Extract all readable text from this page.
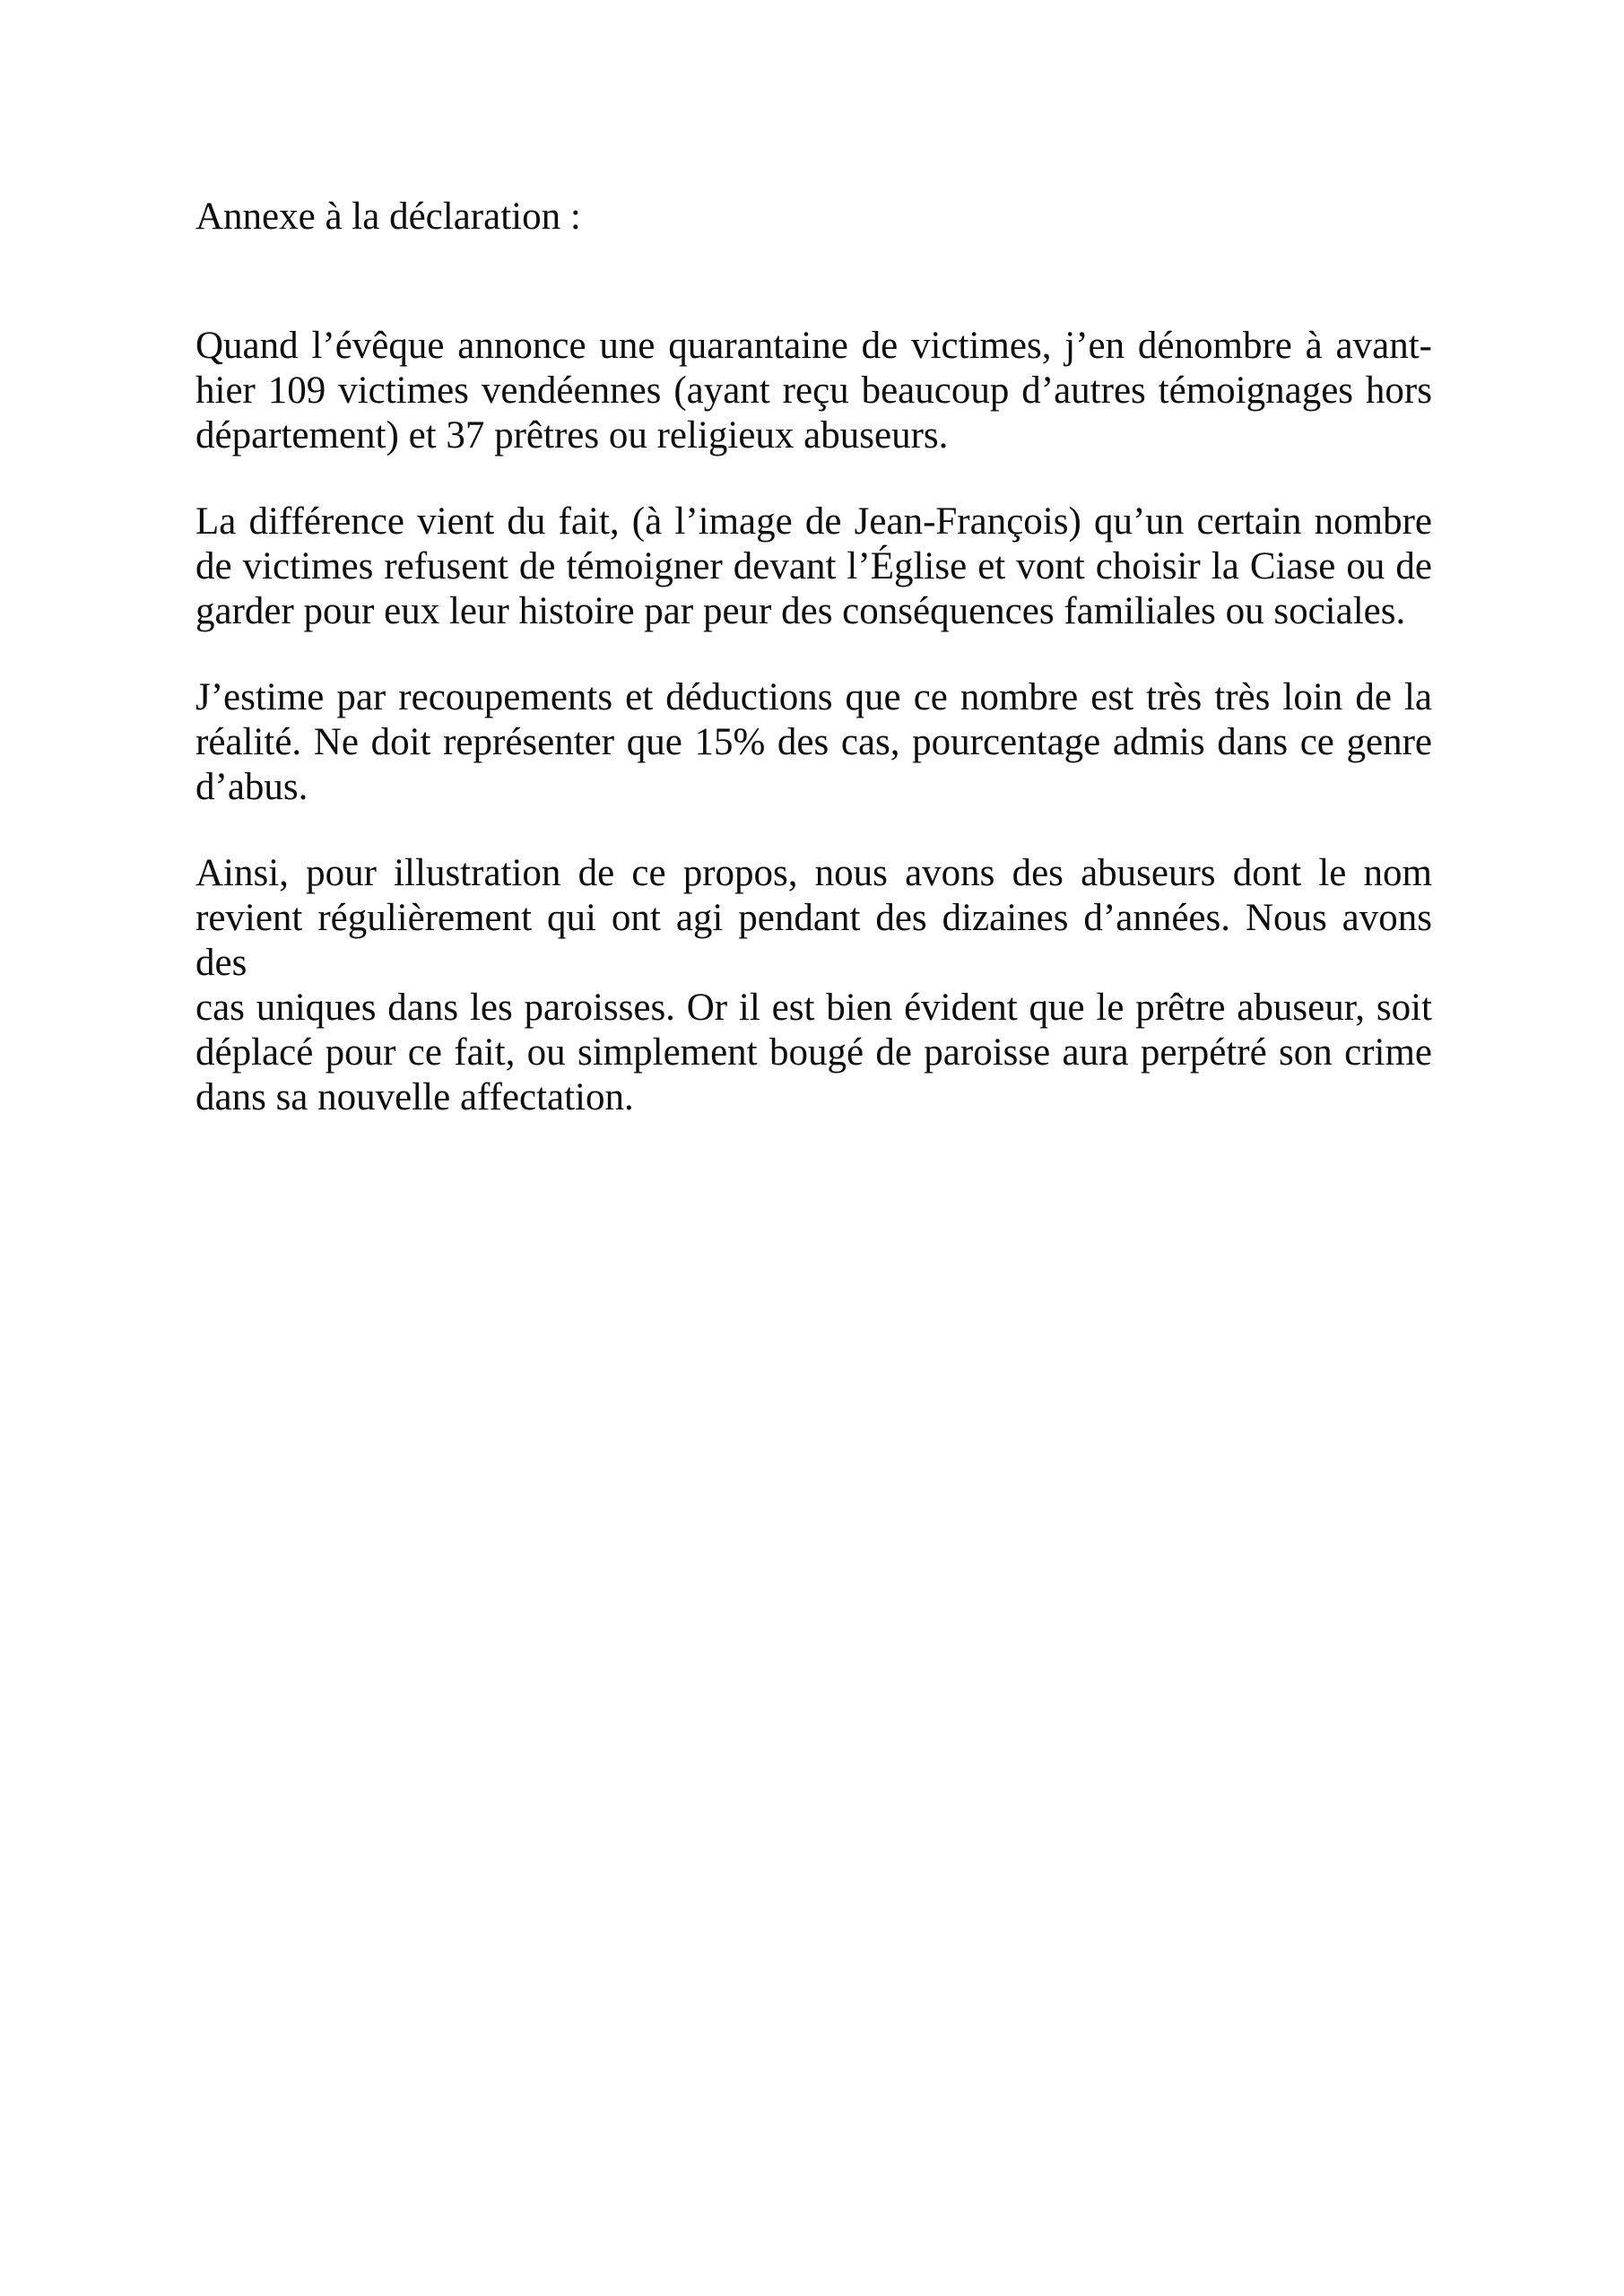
Annexe à la déclaration :
Quand l’évêque annonce une quarantaine de victimes, j’en dénombre à avant-
hier 109 victimes vendéennes (ayant reçu beaucoup d’autres témoignages hors
département) et 37 prêtres ou religieux abuseurs.
La différence vient du fait, (à l’image de Jean-François) qu’un certain nombre
de victimes refusent de témoigner devant l’Église et vont choisir la Ciase ou de
garder pour eux leur histoire par peur des conséquences familiales ou sociales.
J’estime par recoupements et déductions que ce nombre est très très loin de la
réalité. Ne doit représenter que 15% des cas, pourcentage admis dans ce genre
d’abus.
Ainsi, pour illustration de ce propos, nous avons des abuseurs dont le nom
revient régulièrement qui ont agi pendant des dizaines d’années. Nous avons des
cas uniques dans les paroisses. Or il est bien évident que le prêtre abuseur, soit
déplacé pour ce fait, ou simplement bougé de paroisse aura perpétré son crime
dans sa nouvelle affectation.
